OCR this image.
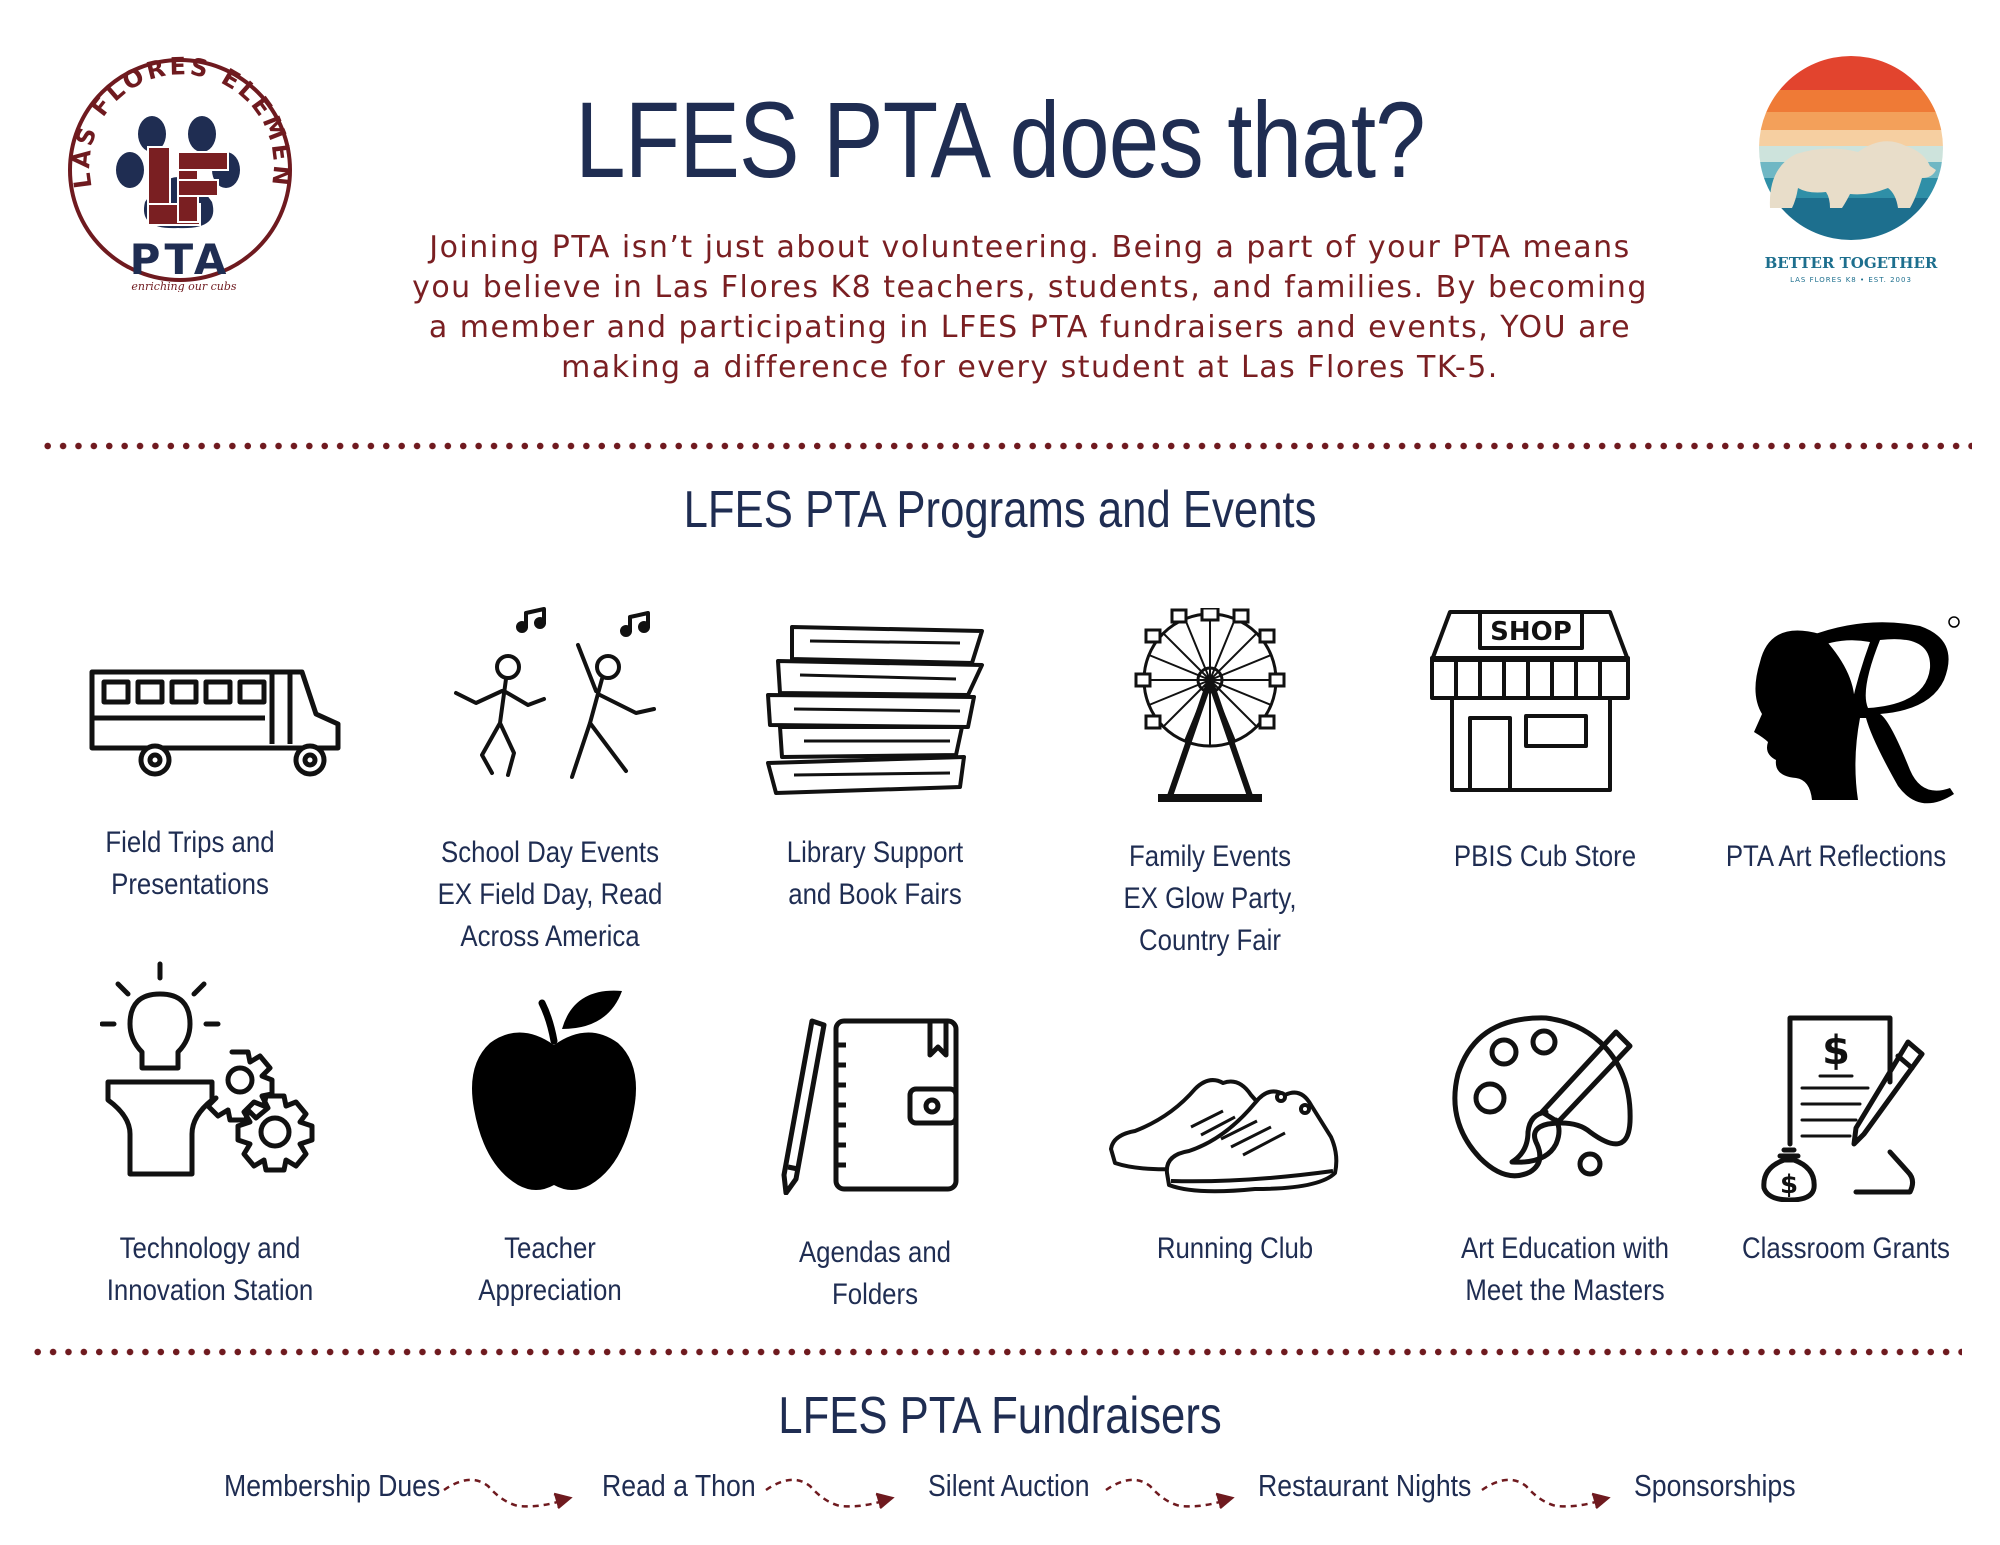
LAS FLORES ELEMEN
PTA
enriching our cubs
BETTER TOGETHER
LAS FLORES K8 • EST. 2003
LFES PTA does that?
Joining PTA isn’t just about volunteering. Being a part of your PTA means
you believe in Las Flores K8 teachers, students, and families. By becoming
a member and participating in LFES PTA fundraisers and events, YOU are
making a difference for every student at Las Flores TK-5.
LFES PTA Programs and Events
SHOP
Field Trips and
Presentations
School Day Events
EX Field Day, Read
Across America
Library Support
and Book Fairs
Family Events
EX Glow Party,
Country Fair
PBIS Cub Store	PTA Art Reflections
$
$
Technology and
Innovation Station
Teacher
Appreciation
Agendas and
Folders
Running Club	Art Education with
Meet the Masters
Classroom Grants
LFES PTA Fundraisers
Membership Dues	Read a Thon	Silent Auction	Restaurant Nights	Sponsorships
